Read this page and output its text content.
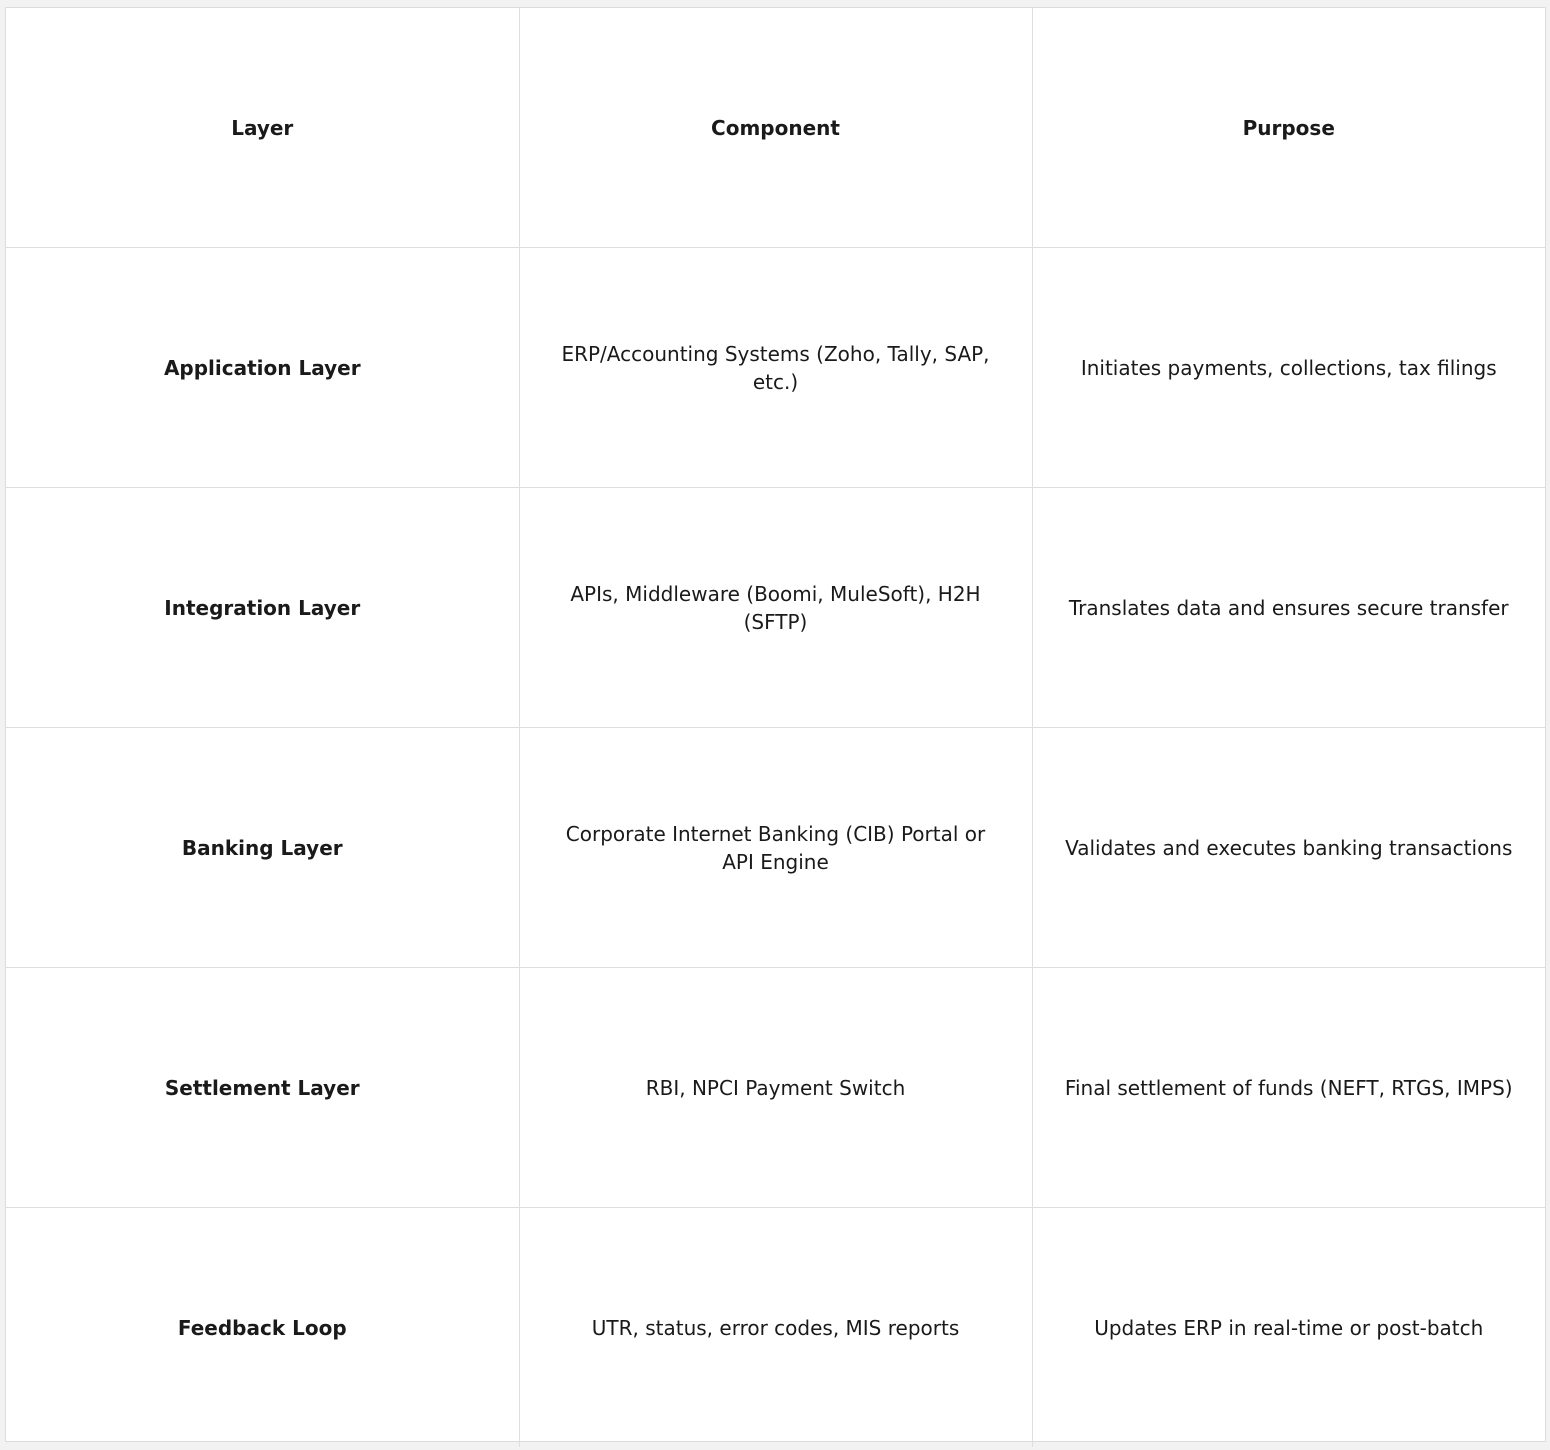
Layer	Component	Purpose
Application Layer	ERP/Accounting Systems (Zoho, Tally, SAP, etc.)	Initiates payments, collections, tax filings
Integration Layer	APIs, Middleware (Boomi, MuleSoft), H2H (SFTP)	Translates data and ensures secure transfer
Banking Layer	Corporate Internet Banking (CIB) Portal or API Engine	Validates and executes banking transactions
Settlement Layer	RBI, NPCI Payment Switch	Final settlement of funds (NEFT, RTGS, IMPS)
Feedback Loop	UTR, status, error codes, MIS reports	Updates ERP in real-time or post-batch
